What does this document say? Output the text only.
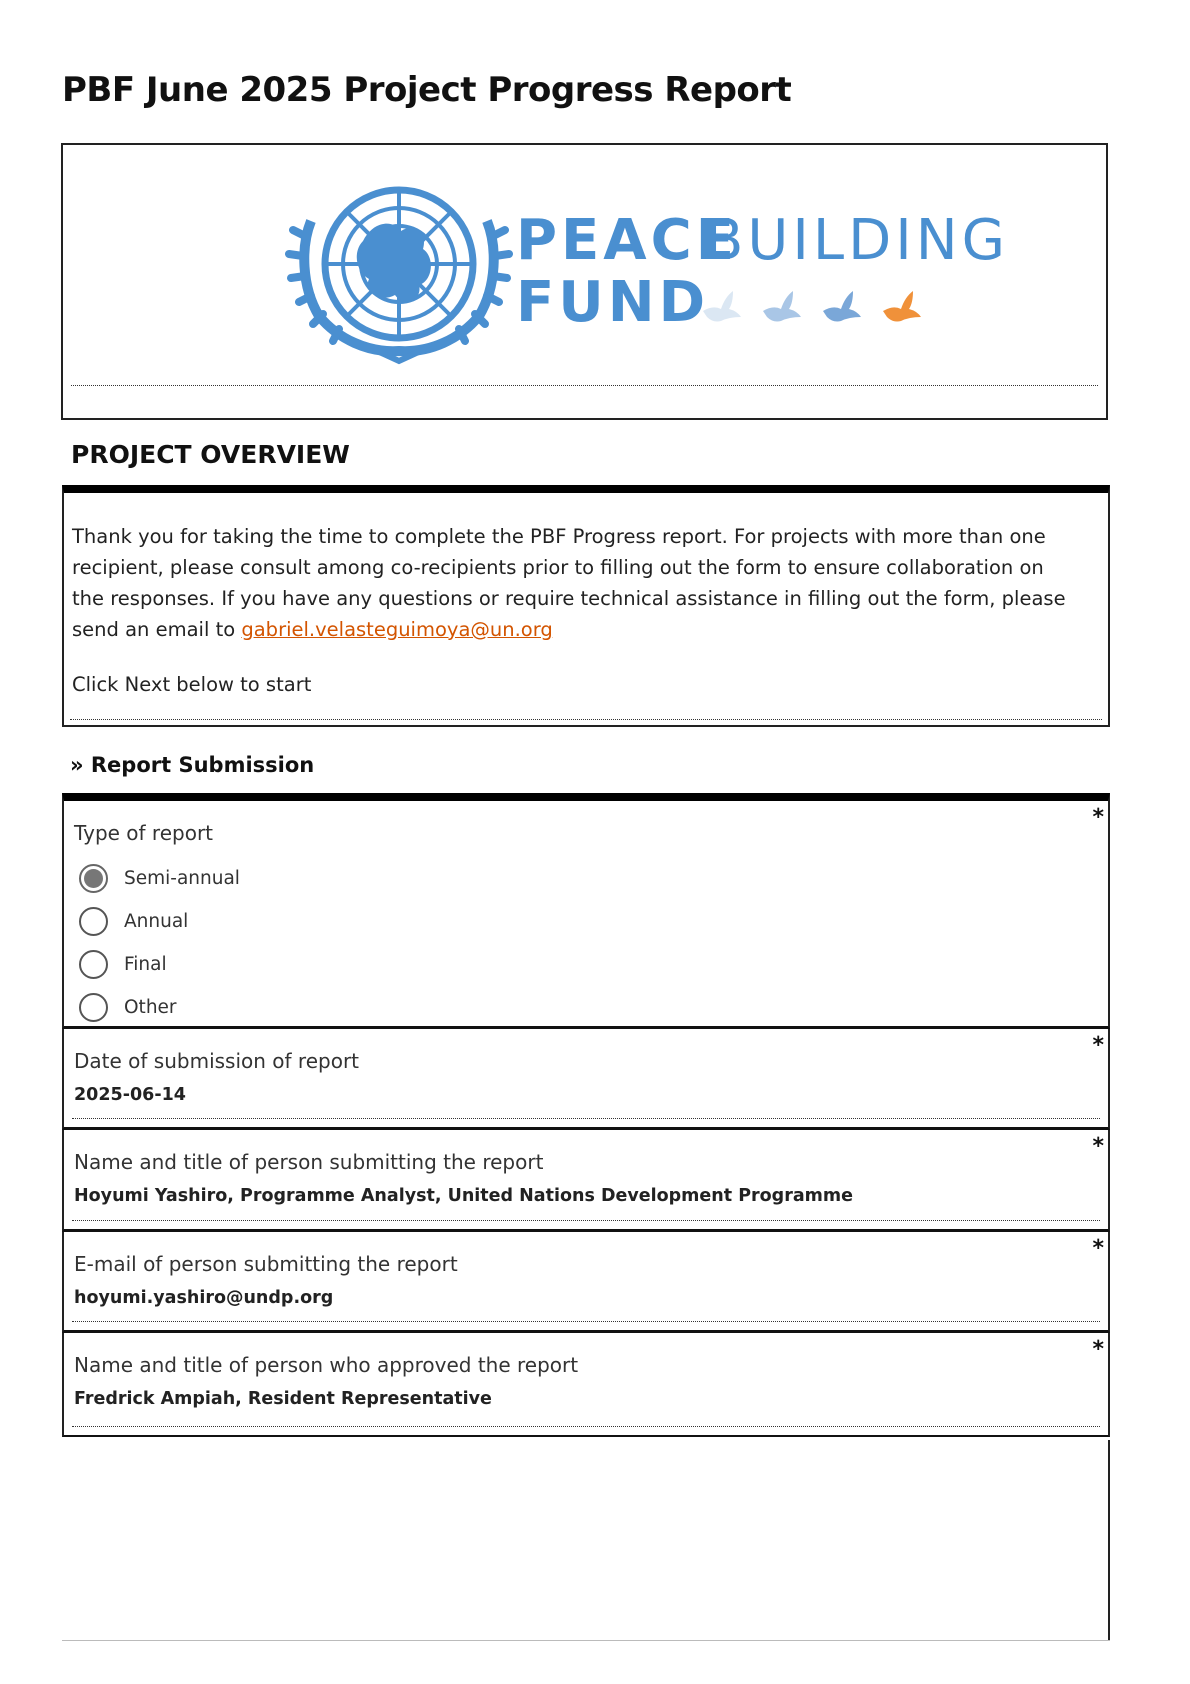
PBF June 2025 Project Progress Report
PEACE
BUILDING
FUND
PROJECT OVERVIEW

Thank you for taking the time to complete the PBF Progress report. For projects with more than one recipient, please consult among co-recipients prior to filling out the form to ensure collaboration on the responses. If you have any questions or require technical assistance in filling out the form, please send an email to gabriel.velasteguimoya@un.org

Click Next below to start

» Report Submission
*

Type of report

Semi-annual
Annual
Final
Other
*

Date of submission of report

2025-06-14

*

Name and title of person submitting the report

Hoyumi Yashiro, Programme Analyst, United Nations Development Programme

*

E-mail of person submitting the report

hoyumi.yashiro@undp.org

*

Name and title of person who approved the report

Fredrick Ampiah, Resident Representative
